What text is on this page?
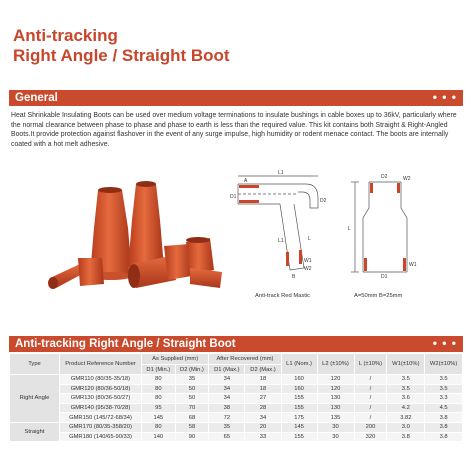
Anti-tracking
Right Angle / Straight Boot
General	• • •

Heat Shrinkable Insulating Boots can be used over medium voltage terminations to insulate bushings in cable boxes up to 36kV, particularly where the normal clearance between phase to phase and phase to earth is less than the required value. This kit contains both Straight & Right-Angled Boots.It provide protection against flashover in the event of any surge impulse, high humidity or rodent menace contact. The boots are internally coated with a hot melt adhesive.

L1
A
D1
D2
L
L1
W1
W2
B
D2	W2
L
W1
D1
Anti-track Red Mastic	A=50mm B=25mm
Anti-tracking Right Angle / Straight Boot	• • •
Type	Product Reference Number	As Supplied (mm)		After Recovered (mm)		L1 (Nom.)	L2 (±10%)	L (±10%)	W1(±10%)	W2(±10%)
		D1 (Min.)	D2 (Min.)	D1 (Max.)	D2 (Max.)					
Right Angle	GMR110 (80/35-35/18)	80	35	34	18	160	120	/	3.5	3.5
	GMR120 (80/36-50/18)	80	50	34	18	160	120	/	3.5	3.5
	GMR130 (80/36-50/27)	80	50	34	27	155	130	/	3.6	3.3
	GMR140 (95/38-70/28)	95	70	38	28	155	130	/	4.2	4.5
	GMR150 (145/72-68/34)	145	68	72	34	175	135	/	3.82	3.8
Straight	GMR170 (80/35-358/20)	80	58	35	20	145	30	200	3.0	3.8
	GMR180 (140/65-90/33)	140	90	65	33	155	30	320	3.8	3.8
